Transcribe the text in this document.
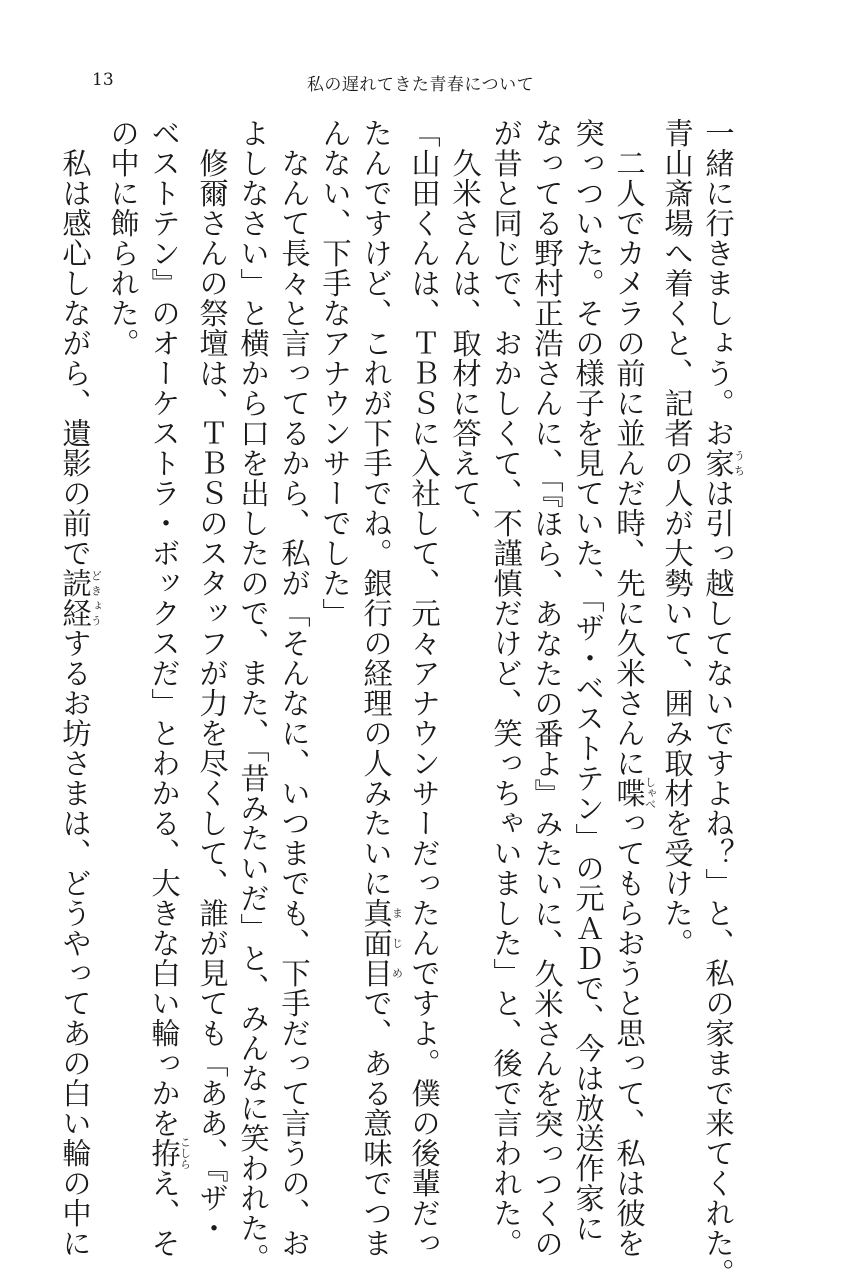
13	私の遅れてきた青春について
一緒に行きましょう。お家うちは引っ越してないですよね？」と、私の家まで来てくれた。
青山斎場へ着くと、記者の人が大勢いて、囲み取材を受けた。
　二人でカメラの前に並んだ時、先に久米さんに喋しゃべってもらおうと思って、私は彼を
突っついた。その様子を見ていた、「ザ・ベストテン」の元ＡＤで、今は放送作家に
なってる野村正浩さんに、「『ほら、あなたの番よ』みたいに、久米さんを突っつくの
が昔と同じで、おかしくて、不謹慎だけど、笑っちゃいました」と、後で言われた。
　久米さんは、取材に答えて、
「山田くんは、ＴＢＳに入社して、元々アナウンサーだったんですよ。僕の後輩だっ
たんですけど、これが下手でね。銀行の経理の人みたいに真面目まじめで、ある意味でつま
んない、下手なアナウンサーでした」
　なんて長々と言ってるから、私が「そんなに、いつまでも、下手だって言うの、お
よしなさい」と横から口を出したので、また、「昔みたいだ」と、みんなに笑われた。
　修爾さんの祭壇は、ＴＢＳのスタッフが力を尽くして、誰が見ても「ああ、『ザ・
ベストテン』のオーケストラ・ボックスだ」とわかる、大きな白い輪っかを拵こしらえ、そ
の中に飾られた。
　私は感心しながら、遺影の前で読経どきょうするお坊さまは、どうやってあの白い輪の中に
